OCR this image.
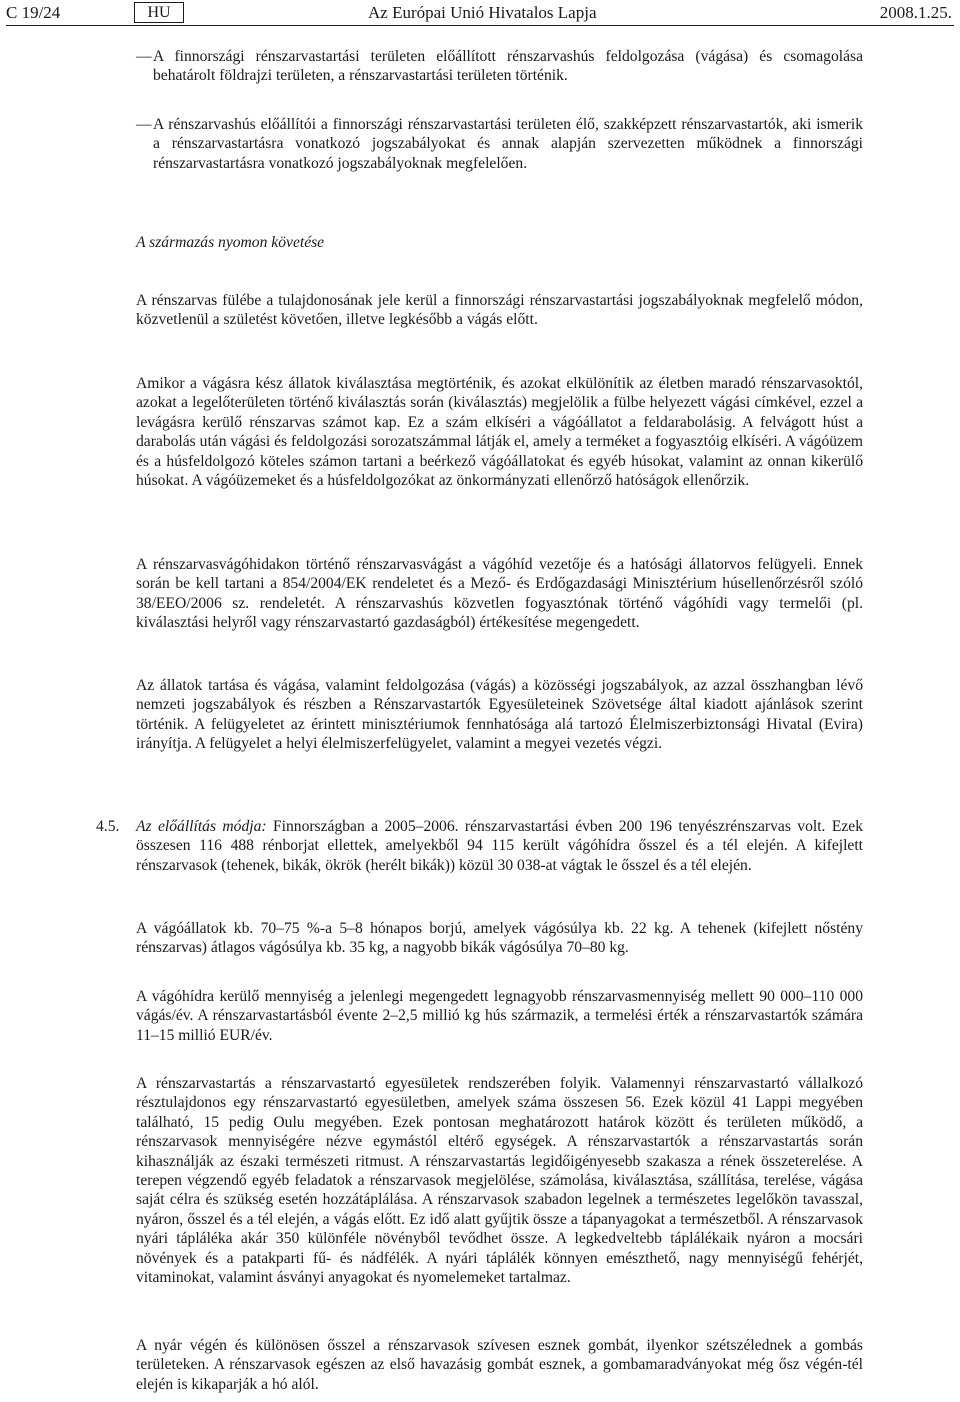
C 19/24	HU	Az Európai Unió Hivatalos Lapja	2008.1.25.
— A finnországi rénszarvastartási területen előállított rénszarvashús feldolgozása (vágása) és csomagolása behatárolt földrajzi területen, a rénszarvastartási területen történik.
— A rénszarvashús előállítói a finnországi rénszarvastartási területen élő, szakképzett rénszarvastartók, aki ismerik a rénszarvastartásra vonatkozó jogszabályokat és annak alapján szervezetten működnek a finnországi rénszarvastartásra vonatkozó jogszabályoknak megfelelően.
A származás nyomon követése
A rénszarvas fülébe a tulajdonosának jele kerül a finnországi rénszarvastartási jogszabályoknak megfelelő módon, közvetlenül a születést követően, illetve legkésőbb a vágás előtt.
Amikor a vágásra kész állatok kiválasztása megtörténik, és azokat elkülönítik az életben maradó rénszarvasoktól, azokat a legelőterületen történő kiválasztás során (kiválasztás) megjelölik a fülbe helyezett vágási címkével, ezzel a levágásra kerülő rénszarvas számot kap. Ez a szám elkíséri a vágóállatot a feldarabolásig. A felvágott húst a darabolás után vágási és feldolgozási sorozatszámmal látják el, amely a terméket a fogyasztóig elkíséri. A vágóüzem és a húsfeldolgozó köteles számon tartani a beérkező vágóállatokat és egyéb húsokat, valamint az onnan kikerülő húsokat. A vágóüzemeket és a húsfeldolgozókat az önkormányzati ellenőrző hatóságok ellenőrzik.
A rénszarvasvágóhidakon történő rénszarvasvágást a vágóhíd vezetője és a hatósági állatorvos felügyeli. Ennek során be kell tartani a 854/2004/EK rendeletet és a Mező- és Erdőgazdasági Minisztérium húsellenőrzésről szóló 38/EEO/2006 sz. rendeletét. A rénszarvashús közvetlen fogyasztónak történő vágóhídi vagy termelői (pl. kiválasztási helyről vagy rénszarvastartó gazdaságból) értékesítése megengedett.
Az állatok tartása és vágása, valamint feldolgozása (vágás) a közösségi jogszabályok, az azzal összhangban lévő nemzeti jogszabályok és részben a Rénszarvastartók Egyesületeinek Szövetsége által kiadott ajánlások szerint történik. A felügyeletet az érintett minisztériumok fennhatósága alá tartozó Élelmiszerbiztonsági Hivatal (Evira) irányítja. A felügyelet a helyi élelmiszerfelügyelet, valamint a megyei vezetés végzi.
4.5. Az előállítás módja: Finnországban a 2005–2006. rénszarvastartási évben 200 196 tenyészrénszarvas volt. Ezek összesen 116 488 rénborjat ellettek, amelyekből 94 115 került vágóhídra ősszel és a tél elején. A kifejlett rénszarvasok (tehenek, bikák, ökrök (herélt bikák)) közül 30 038-at vágtak le ősszel és a tél elején.
A vágóállatok kb. 70–75 %-a 5–8 hónapos borjú, amelyek vágósúlya kb. 22 kg. A tehenek (kifejlett nőstény rénszarvas) átlagos vágósúlya kb. 35 kg, a nagyobb bikák vágósúlya 70–80 kg.
A vágóhídra kerülő mennyiség a jelenlegi megengedett legnagyobb rénszarvasmennyiség mellett 90 000–110 000 vágás/év. A rénszarvastartásból évente 2–2,5 millió kg hús származik, a termelési érték a rénszarvastartók számára 11–15 millió EUR/év.
A rénszarvastartás a rénszarvastartó egyesületek rendszerében folyik. Valamennyi rénszarvastartó vállalkozó résztulajdonos egy rénszarvastartó egyesületben, amelyek száma összesen 56. Ezek közül 41 Lappi megyében található, 15 pedig Oulu megyében. Ezek pontosan meghatározott határok között és területen működő, a rénszarvasok mennyiségére nézve egymástól eltérő egységek. A rénszarvastartók a rénszarvastartás során kihasználják az északi természeti ritmust. A rénszarvastartás legidőigényesebb szakasza a rének összeterelése. A terepen végzendő egyéb feladatok a rénszarvasok megjelölése, számolása, kiválasztása, szállítása, terelése, vágása saját célra és szükség esetén hozzátáplálása. A rénszarvasok szabadon legelnek a természetes legelőkön tavasszal, nyáron, ősszel és a tél elején, a vágás előtt. Ez idő alatt gyűjtik össze a tápanyagokat a természetből. A rénszarvasok nyári táplálékа akár 350 különféle növényből tevődhet össze. A legkedveltebb táplálékaik nyáron a mocsári növények és a patakparti fű- és nádfélék. A nyári táplálék könnyen emészthető, nagy mennyiségű fehérjét, vitaminokat, valamint ásványi anyagokat és nyomelemeket tartalmaz.
A nyár végén és különösen ősszel a rénszarvasok szívesen esznek gombát, ilyenkor szétszélednek a gombás területeken. A rénszarvasok egészen az első havazásig gombát esznek, a gombamaradványokat még ősz végén-tél elején is kikaparják a hó alól.
